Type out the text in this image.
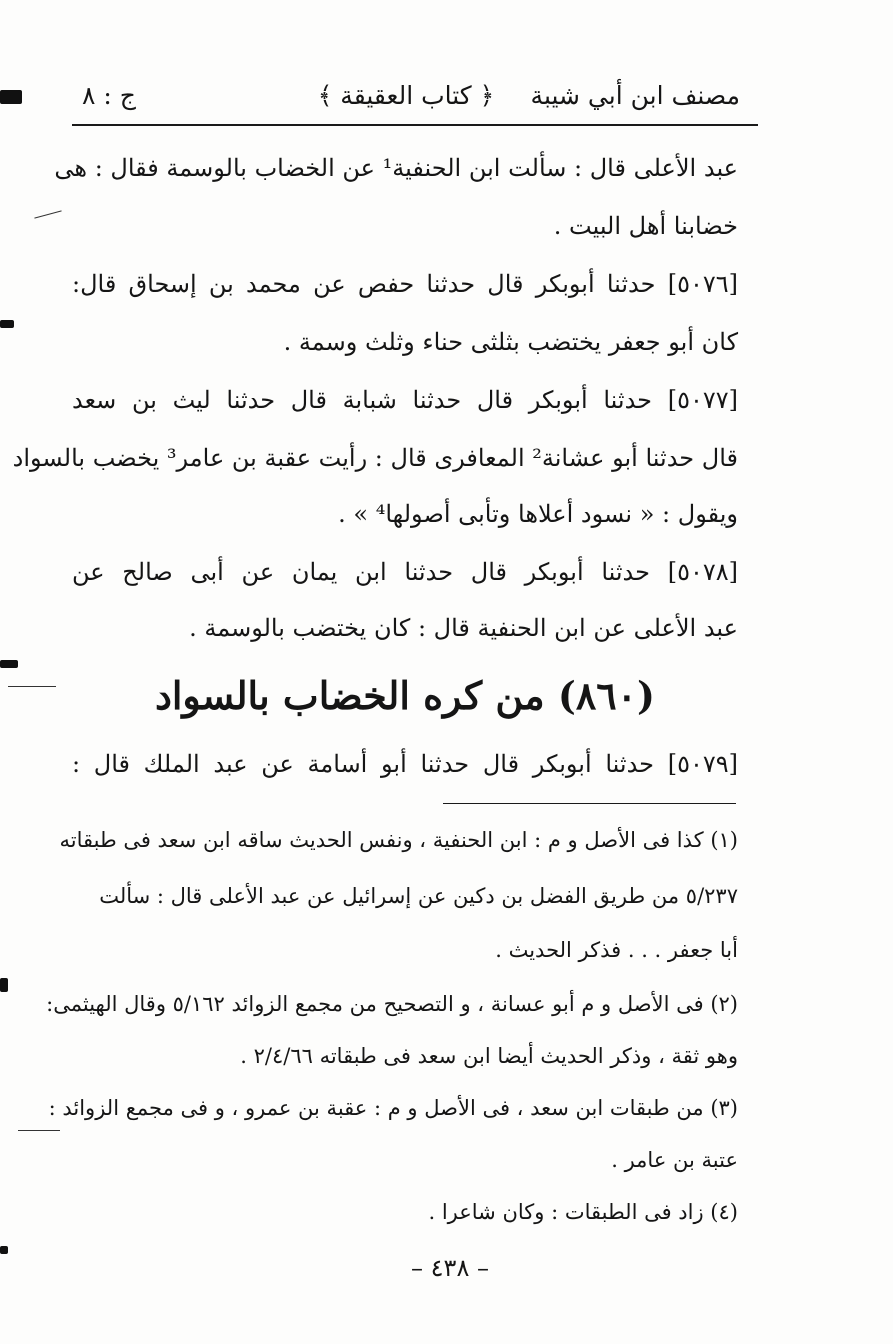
مصنف ابن أبي شيبة
﴿ كتاب العقيقة ﴾
ج : ٨
عبد الأعلى قال : سألت ابن الحنفية¹ عن الخضاب بالوسمة فقال : هى
خضابنا أهل البيت .
[٥٠٧٦] حدثنا أبوبكر قال حدثنا حفص عن محمد بن إسحاق قال:
كان أبو جعفر يختضب بثلثى حناء وثلث وسمة .
[٥٠٧٧] حدثنا أبوبكر قال حدثنا شبابة قال حدثنا ليث بن سعد
قال حدثنا أبو عشانة² المعافرى قال : رأيت عقبة بن عامر³ يخضب بالسواد
ويقول : « نسود أعلاها وتأبى أصولها⁴ » .
[٥٠٧٨] حدثنا أبوبكر قال حدثنا ابن يمان عن أبى صالح عن
عبد الأعلى عن ابن الحنفية قال : كان يختضب بالوسمة .
(٨٦٠) من كره الخضاب بالسواد
[٥٠٧٩] حدثنا أبوبكر قال حدثنا أبو أسامة عن عبد الملك قال :
(١) كذا فى الأصل و م : ابن الحنفية ، ونفس الحديث ساقه ابن سعد فى طبقاته
٥/٢٣٧ من طريق الفضل بن دكين عن إسرائيل عن عبد الأعلى قال : سألت
أبا جعفر . . . فذكر الحديث .
(٢) فى الأصل و م أبو عسانة ، و التصحيح من مجمع الزوائد ٥/١٦٢ وقال الهيثمى:
وهو ثقة ، وذكر الحديث أيضا ابن سعد فى طبقاته ٢/٤/٦٦ .
(٣) من طبقات ابن سعد ، فى الأصل و م : عقبة بن عمرو ، و فى مجمع الزوائد :
عتبة بن عامر .
(٤) زاد فى الطبقات : وكان شاعرا .
– ٤٣٨ –
